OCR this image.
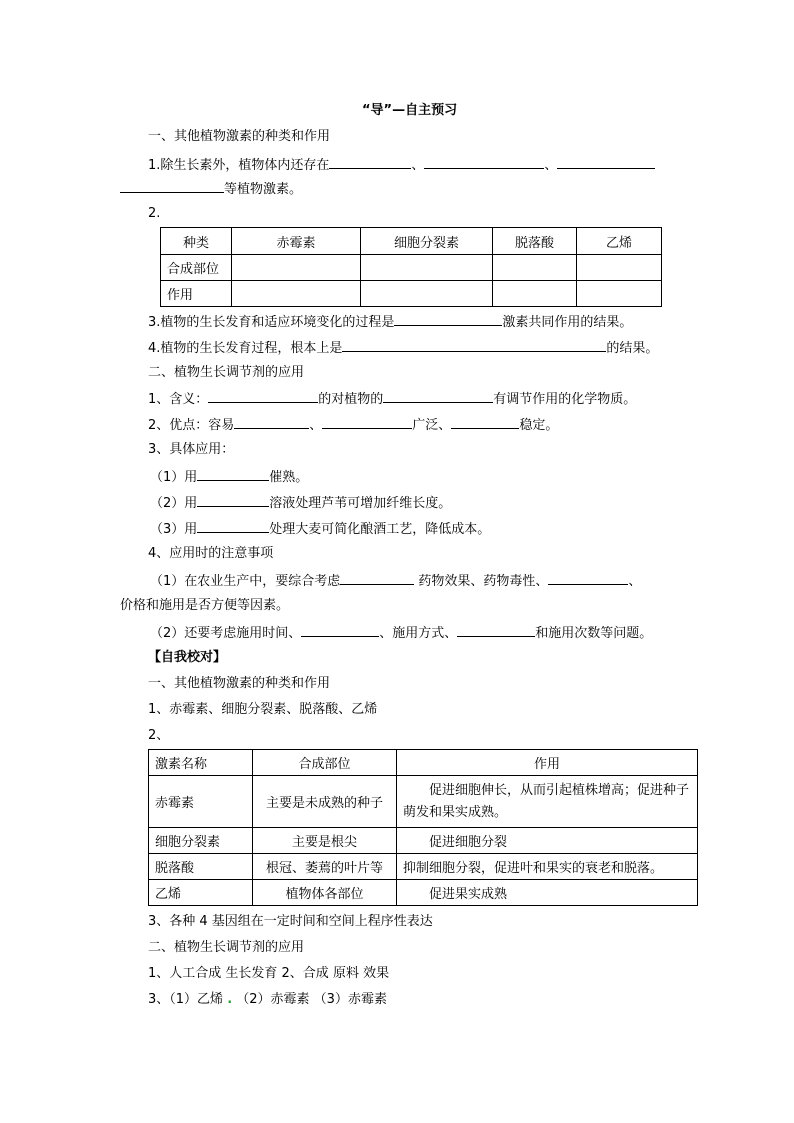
“导”—自主预习
一、其他植物激素的种类和作用
1.除生长素外，植物体内还存在	、	、
等植物激素。
2.
种类	赤霉素	细胞分裂素	脱落酸	乙烯
合成部位				
作用				
3.植物的生长发育和适应环境变化的过程是	激素共同作用的结果。
4.植物的生长发育过程，根本上是	的结果。
二、植物生长调节剂的应用
1、含义：	的对植物的	有调节作用的化学物质。
2、优点：容易	、	广泛、	稳定。
3、具体应用：
（1）用	催熟。
（2）用	溶液处理芦苇可增加纤维长度。
（3）用	处理大麦可简化酿酒工艺，降低成本。
4、应用时的注意事项
（1）在农业生产中，要综合考虑	药物效果、药物毒性、	、
价格和施用是否方便等因素。
（2）还要考虑施用时间、	、施用方式、	和施用次数等问题。
【自我校对】
一、其他植物激素的种类和作用
1、赤霉素、细胞分裂素、脱落酸、乙烯
2、
激素名称	合成部位	作用
赤霉素	主要是未成熟的种子	促进细胞伸长，从而引起植株增高；促进种子萌发和果实成熟。
细胞分裂素	主要是根尖	促进细胞分裂
脱落酸	根冠、萎蔫的叶片等	抑制细胞分裂，促进叶和果实的衰老和脱落。
乙烯	植物体各部位	促进果实成熟
3、各种 4 基因组在一定时间和空间上程序性表达
二、植物生长调节剂的应用
1、人工合成 生长发育 2、合成 原料 效果
3、（1）乙烯 . （2）赤霉素 （3）赤霉素
